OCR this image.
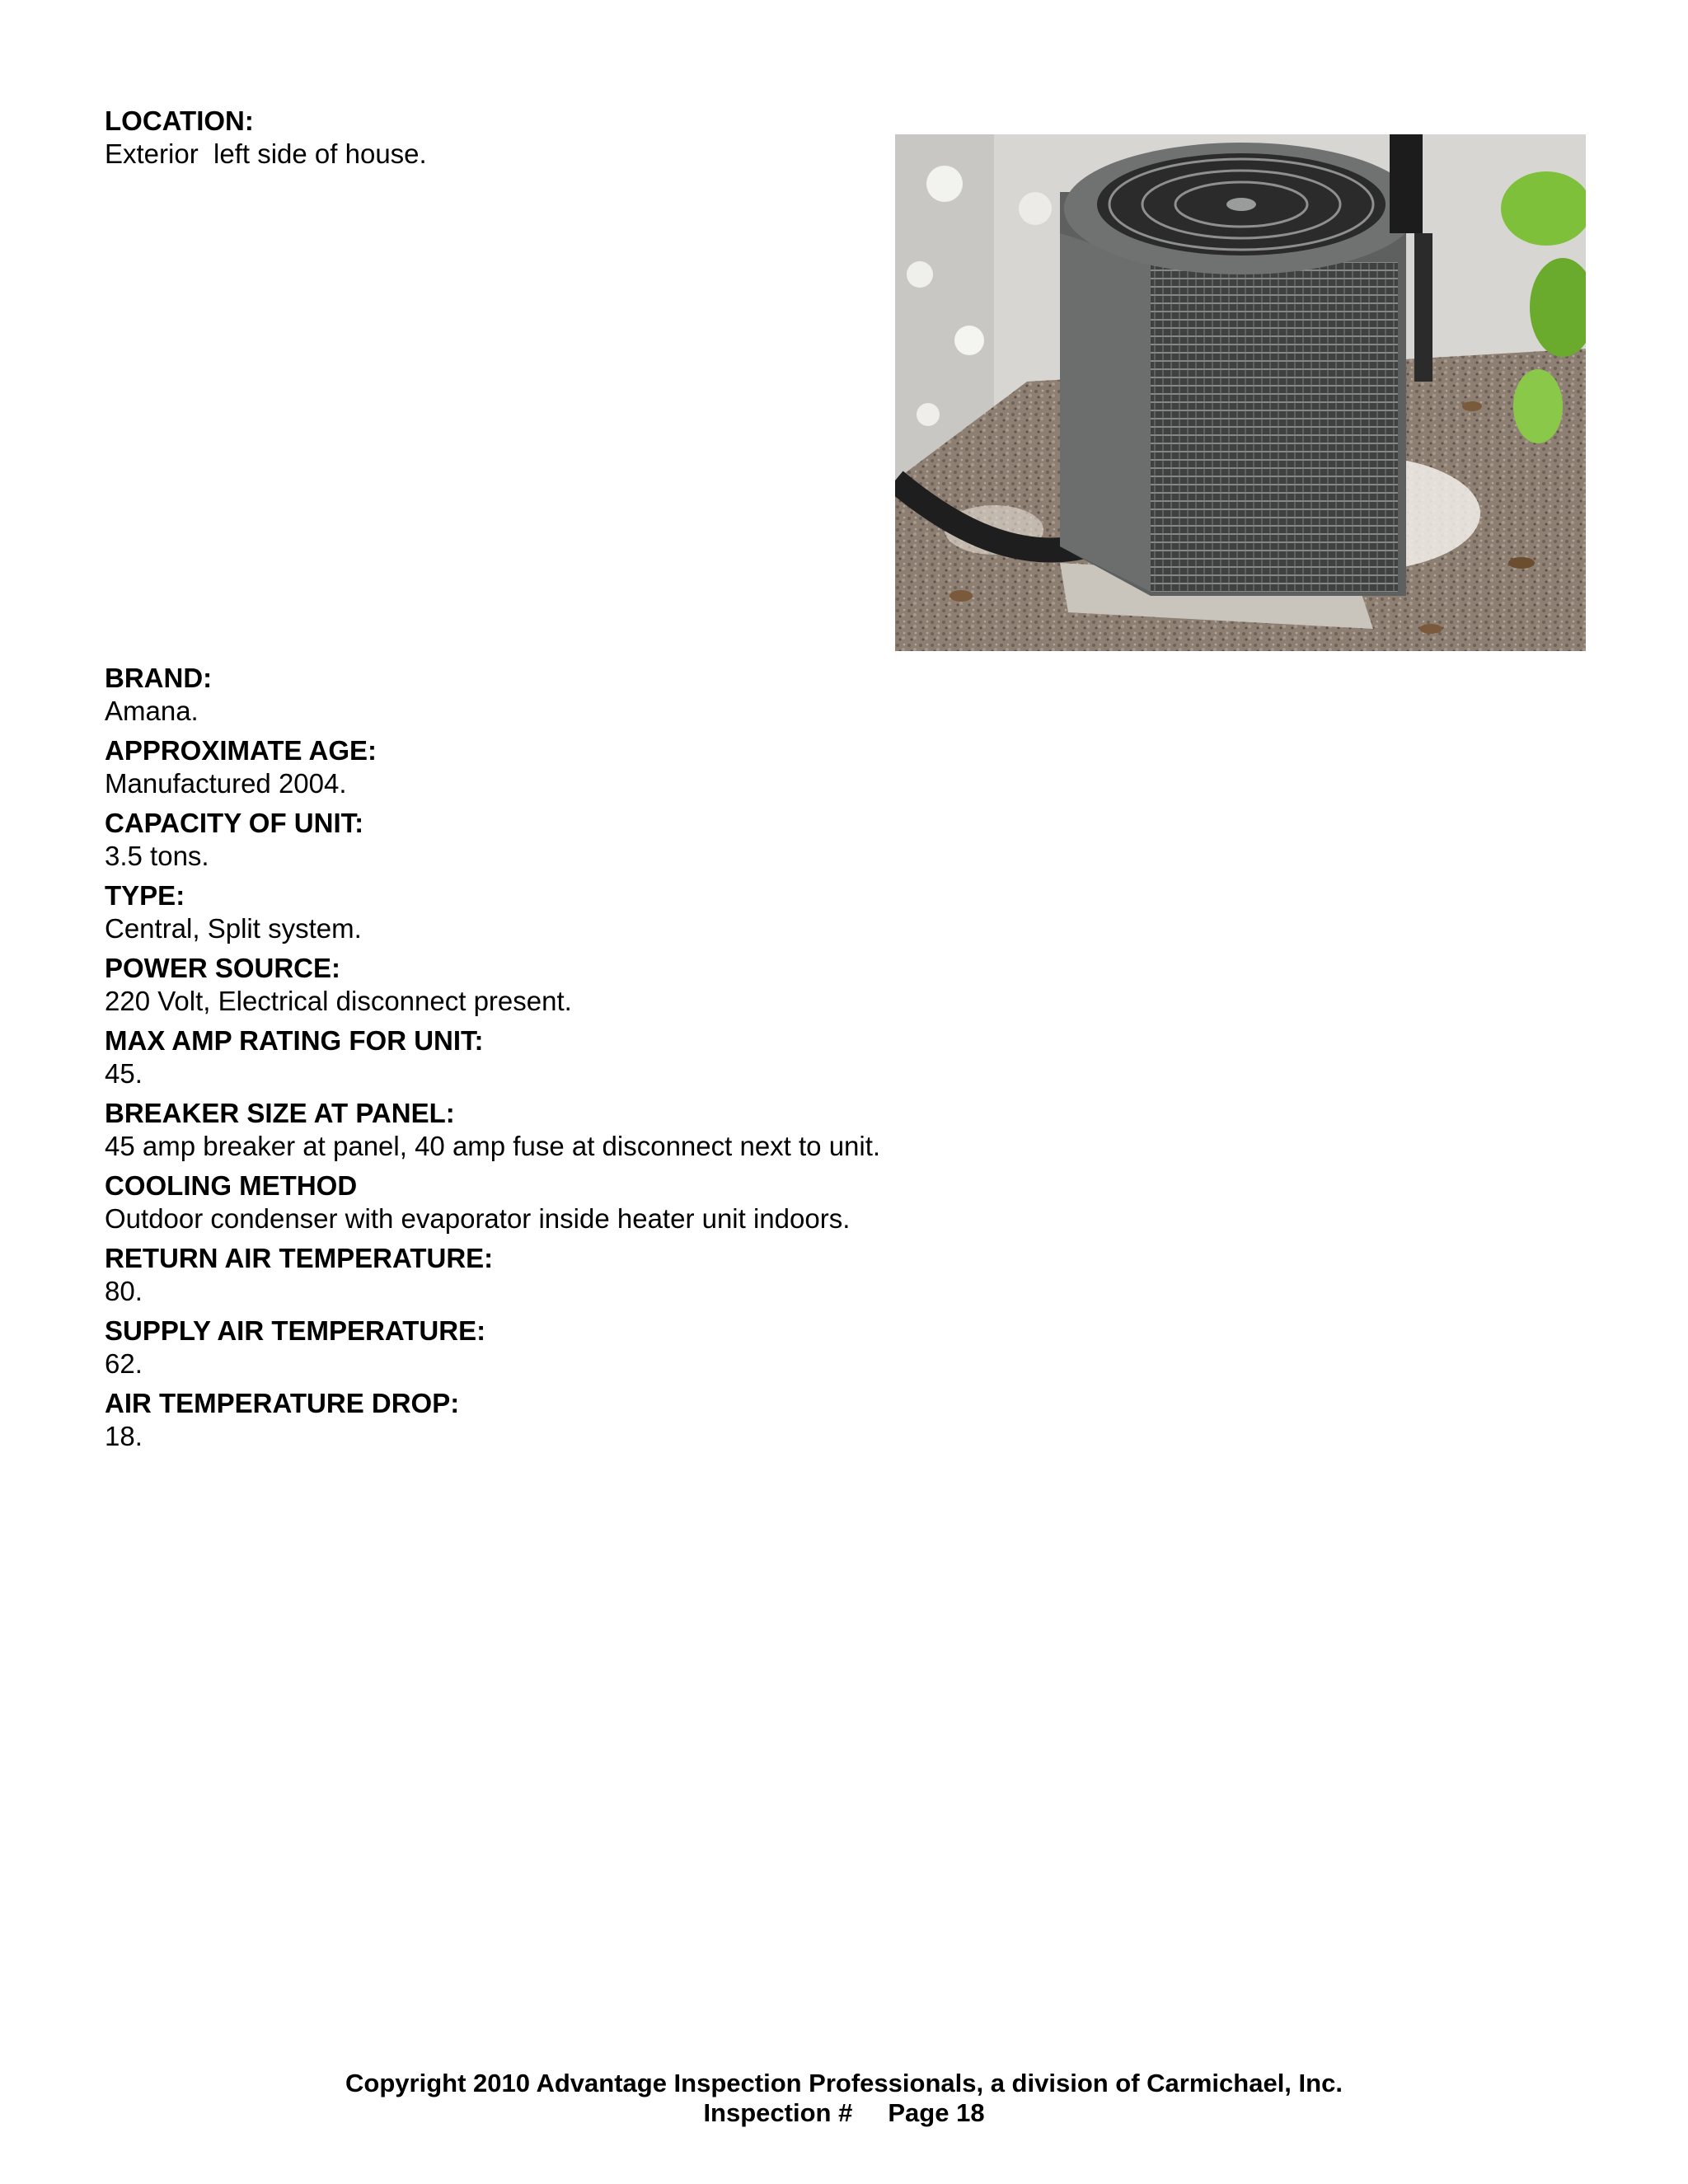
LOCATION:
Exterior  left side of house.
BRAND:
Amana.
APPROXIMATE AGE:
Manufactured 2004.
CAPACITY OF UNIT:
3.5 tons.
TYPE:
Central, Split system.
POWER SOURCE:
220 Volt, Electrical disconnect present.
MAX AMP RATING FOR UNIT:
45.
BREAKER SIZE AT PANEL:
45 amp breaker at panel, 40 amp fuse at disconnect next to unit.
COOLING METHOD
Outdoor condenser with evaporator inside heater unit indoors.
RETURN AIR TEMPERATURE:
80.
SUPPLY AIR TEMPERATURE:
62.
AIR TEMPERATURE DROP:
18.
Copyright 2010 Advantage Inspection Professionals, a division of Carmichael, Inc.
Inspection #     Page 18
